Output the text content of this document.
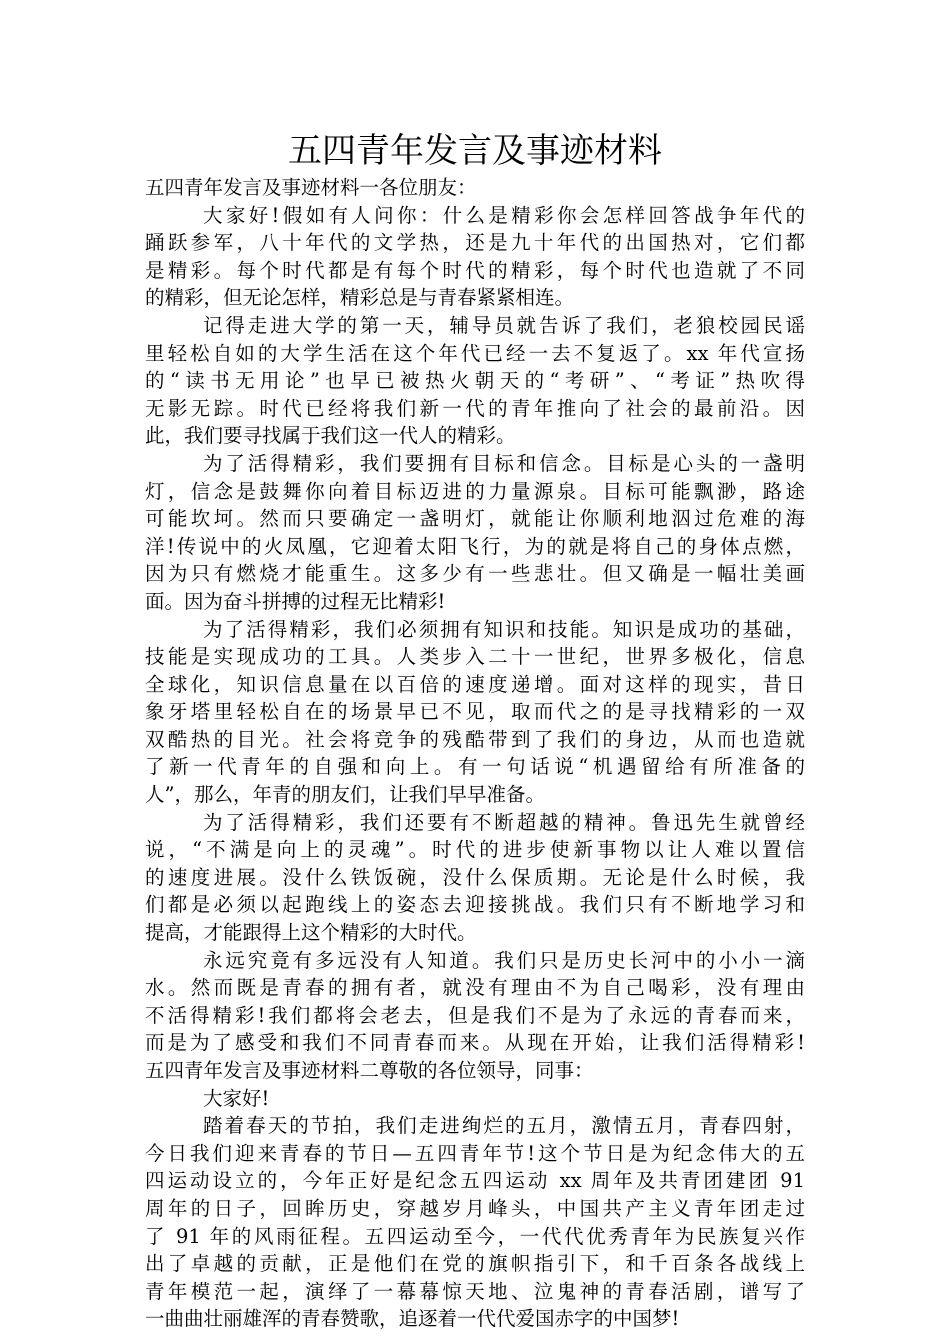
五四青年发言及事迹材料

五四青年发言及事迹材料一各位朋友：

大家好!假如有人问你：什么是精彩你会怎样回答战争年代的

踊跃参军，八十年代的文学热，还是九十年代的出国热对，它们都

是精彩。每个时代都是有每个时代的精彩，每个时代也造就了不同

的精彩，但无论怎样，精彩总是与青春紧紧相连。

记得走进大学的第一天，辅导员就告诉了我们，老狼校园民谣

里轻松自如的大学生活在这个年代已经一去不复返了。xx 年代宣扬

的“读书无用论”也早已被热火朝天的“考研”、“考证”热吹得

无影无踪。时代已经将我们新一代的青年推向了社会的最前沿。因

此，我们要寻找属于我们这一代人的精彩。

为了活得精彩，我们要拥有目标和信念。目标是心头的一盏明

灯，信念是鼓舞你向着目标迈进的力量源泉。目标可能飘渺，路途

可能坎坷。然而只要确定一盏明灯，就能让你顺利地泅过危难的海

洋!传说中的火凤凰，它迎着太阳飞行，为的就是将自己的身体点燃，

因为只有燃烧才能重生。这多少有一些悲壮。但又确是一幅壮美画

面。因为奋斗拼搏的过程无比精彩!

为了活得精彩，我们必须拥有知识和技能。知识是成功的基础，

技能是实现成功的工具。人类步入二十一世纪，世界多极化，信息

全球化，知识信息量在以百倍的速度递增。面对这样的现实，昔日

象牙塔里轻松自在的场景早已不见，取而代之的是寻找精彩的一双

双酷热的目光。社会将竞争的残酷带到了我们的身边，从而也造就

了新一代青年的自强和向上。有一句话说“机遇留给有所准备的

人”，那么，年青的朋友们，让我们早早准备。

为了活得精彩，我们还要有不断超越的精神。鲁迅先生就曾经

说，“不满是向上的灵魂”。时代的进步使新事物以让人难以置信

的速度进展。没什么铁饭碗，没什么保质期。无论是什么时候，我

们都是必须以起跑线上的姿态去迎接挑战。我们只有不断地学习和

提高，才能跟得上这个精彩的大时代。

永远究竟有多远没有人知道。我们只是历史长河中的小小一滴

水。然而既是青春的拥有者，就没有理由不为自己喝彩，没有理由

不活得精彩!我们都将会老去，但是我们不是为了永远的青春而来，

而是为了感受和我们不同青春而来。从现在开始，让我们活得精彩!

五四青年发言及事迹材料二尊敬的各位领导，同事：

大家好!

踏着春天的节拍，我们走进绚烂的五月，激情五月，青春四射，

今日我们迎来青春的节日—五四青年节!这个节日是为纪念伟大的五

四运动设立的，今年正好是纪念五四运动 xx 周年及共青团建团 91

周年的日子，回眸历史，穿越岁月峰头，中国共产主义青年团走过

了 91 年的风雨征程。五四运动至今，一代代优秀青年为民族复兴作

出了卓越的贡献，正是他们在党的旗帜指引下，和千百条各战线上

青年模范一起，演绎了一幕幕惊天地、泣鬼神的青春活剧，谱写了

一曲曲壮丽雄浑的青春赞歌，追逐着一代代爱国赤字的中国梦!
